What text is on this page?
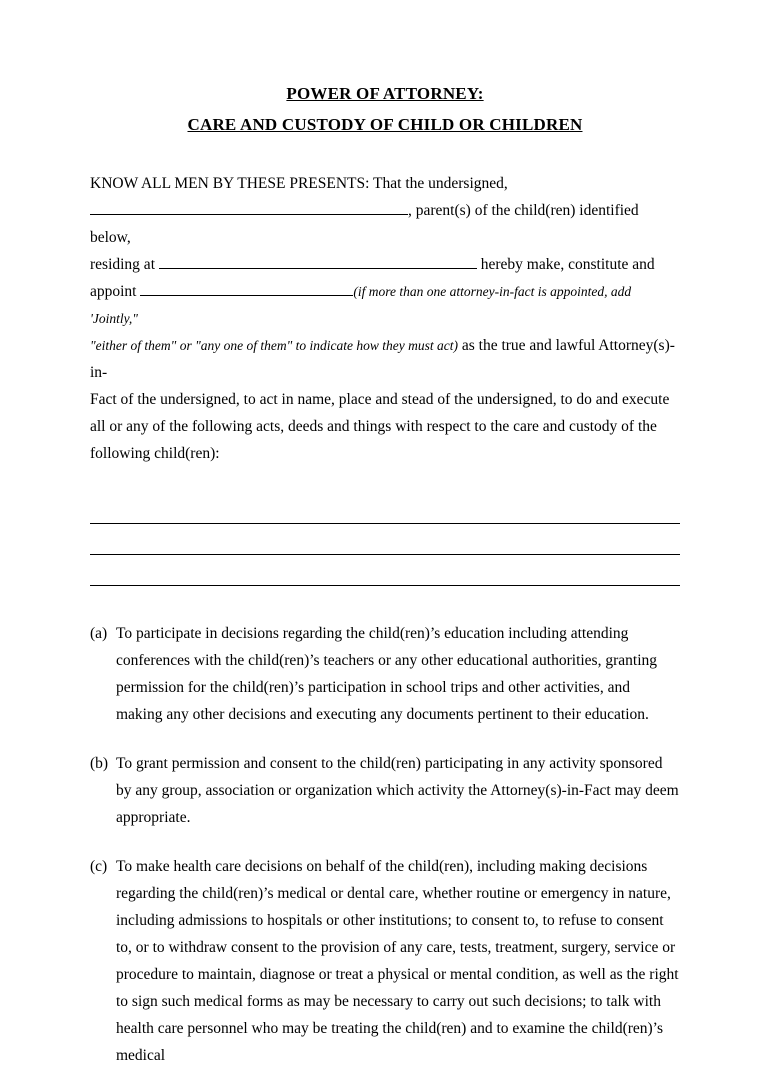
POWER OF ATTORNEY:
CARE AND CUSTODY OF CHILD OR CHILDREN
KNOW ALL MEN BY THESE PRESENTS: That the undersigned,
, parent(s) of the child(ren) identified below,
residing at	hereby make, constitute and
appoint	(if more than one attorney-in-fact is appointed, add 'Jointly,"
"either of them" or "any one of them" to indicate how they must act) as the true and lawful Attorney(s)-in-
Fact of the undersigned, to act in name, place and stead of the undersigned, to do and execute
all or any of the following acts, deeds and things with respect to the care and custody of the
following child(ren):
(a) To participate in decisions regarding the child(ren)’s education including attending conferences with the child(ren)’s teachers or any other educational authorities, granting permission for the child(ren)’s participation in school trips and other activities, and making any other decisions and executing any documents pertinent to their education.
(b) To grant permission and consent to the child(ren) participating in any activity sponsored by any group, association or organization which activity the Attorney(s)-in-Fact may deem appropriate.
(c) To make health care decisions on behalf of the child(ren), including making decisions regarding the child(ren)’s medical or dental care, whether routine or emergency in nature, including admissions to hospitals or other institutions; to consent to, to refuse to consent to, or to withdraw consent to the provision of any care, tests, treatment, surgery, service or procedure to maintain, diagnose or treat a physical or mental condition, as well as the right to sign such medical forms as may be necessary to carry out such decisions; to talk with health care personnel who may be treating the child(ren) and to examine the child(ren)’s medical
